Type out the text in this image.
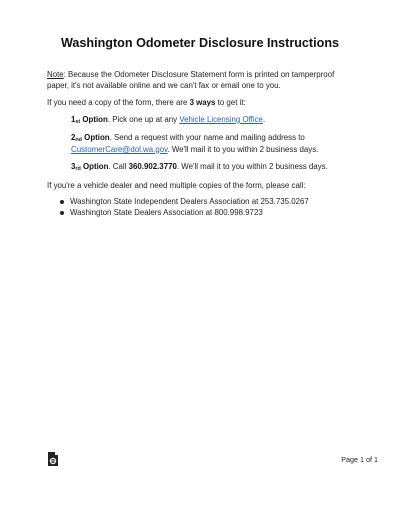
Washington Odometer Disclosure Instructions
Note: Because the Odometer Disclosure Statement form is printed on tamperproof
paper, it's not available online and we can't fax or email one to you.
If you need a copy of the form, there are 3 ways to get it:
1st Option. Pick one up at any Vehicle Licensing Office.
2nd Option. Send a request with your name and mailing address to
CustomerCare@dol.wa.gov. We'll mail it to you within 2 business days.
3rd Option. Call 360.902.3770. We'll mail it to you within 2 business days.
If you're a vehicle dealer and need multiple copies of the form, please call:
Washington State Independent Dealers Association at 253.735.0267
Washington State Dealers Association at 800.998.9723
Page 1 of 1
